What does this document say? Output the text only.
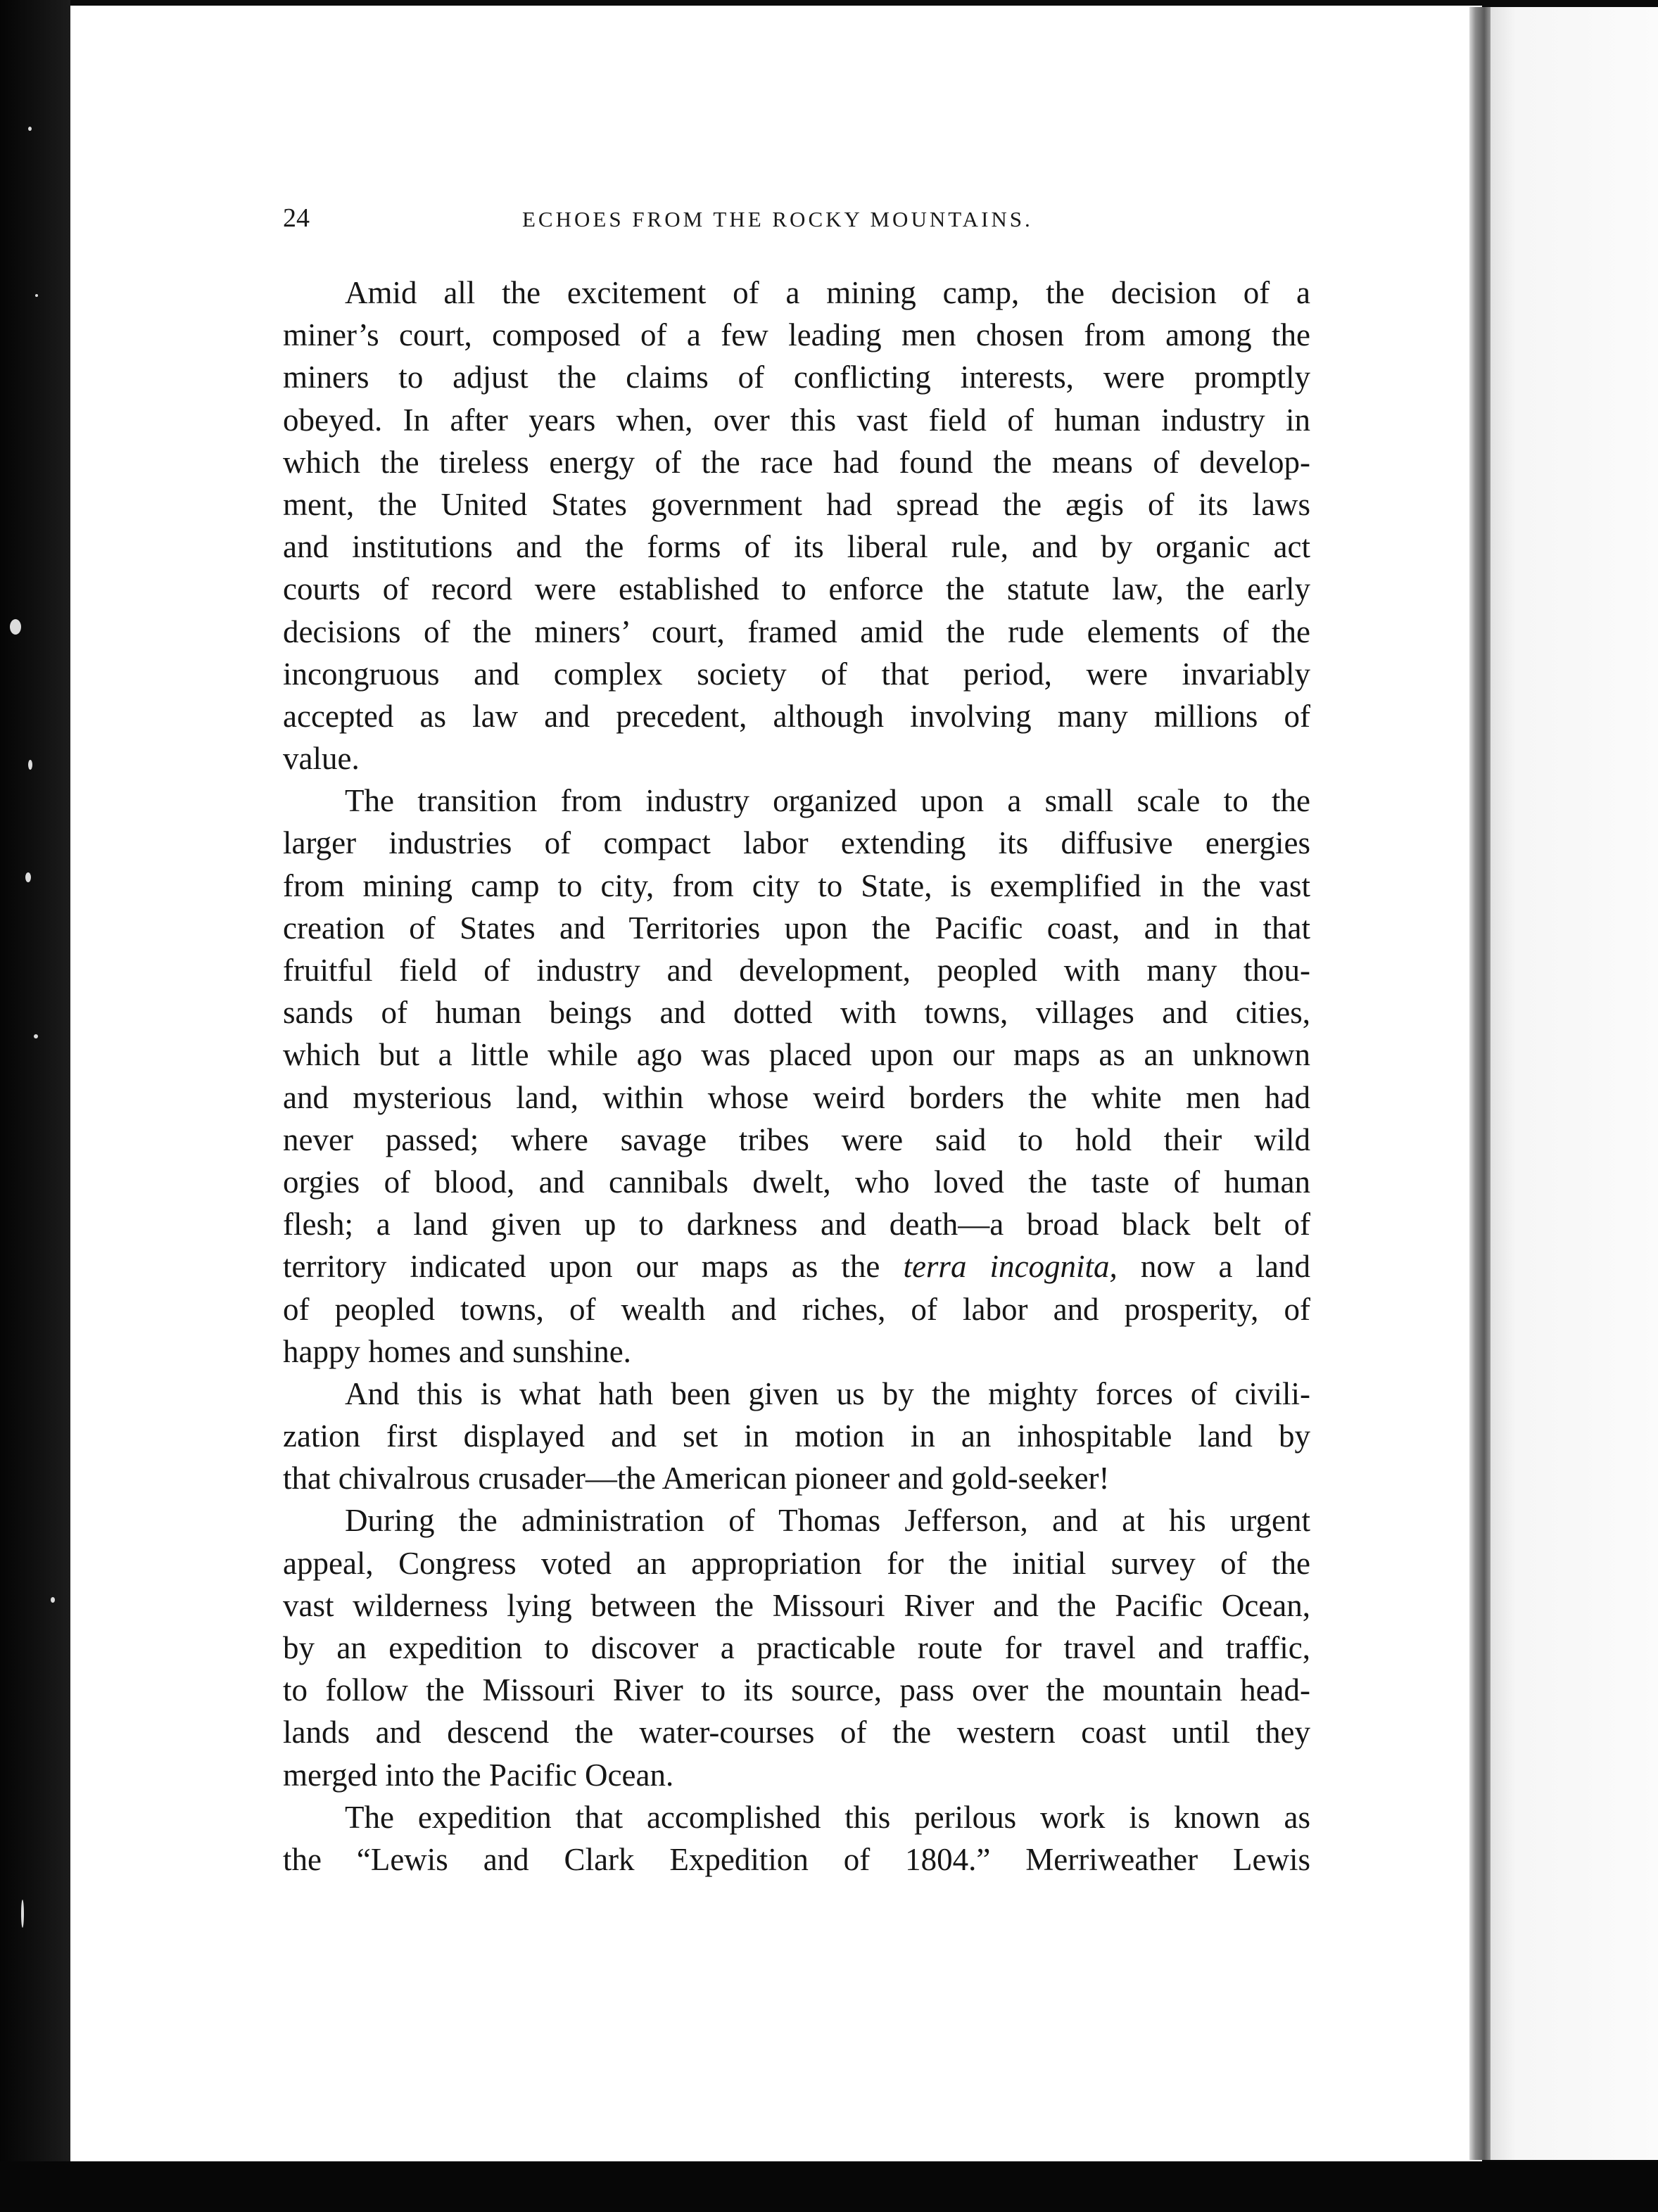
24	ECHOES FROM THE ROCKY MOUNTAINS.

Amid all the excitement of a mining camp, the decision of a
miner’s court, composed of a few leading men chosen from among the
miners to adjust the claims of conflicting interests, were promptly
obeyed. In after years when, over this vast field of human industry in
which the tireless energy of the race had found the means of develop-
ment, the United States government had spread the ægis of its laws
and institutions and the forms of its liberal rule, and by organic act
courts of record were established to enforce the statute law, the early
decisions of the miners’ court, framed amid the rude elements of the
incongruous and complex society of that period, were invariably
accepted as law and precedent, although involving many millions of
value.

The transition from industry organized upon a small scale to the
larger industries of compact labor extending its diffusive energies
from mining camp to city, from city to State, is exemplified in the vast
creation of States and Territories upon the Pacific coast, and in that
fruitful field of industry and development, peopled with many thou-
sands of human beings and dotted with towns, villages and cities,
which but a little while ago was placed upon our maps as an unknown
and mysterious land, within whose weird borders the white men had
never passed; where savage tribes were said to hold their wild
orgies of blood, and cannibals dwelt, who loved the taste of human
flesh; a land given up to darkness and death—a broad black belt of
territory indicated upon our maps as the terra incognita, now a land
of peopled towns, of wealth and riches, of labor and prosperity, of
happy homes and sunshine.

And this is what hath been given us by the mighty forces of civili-
zation first displayed and set in motion in an inhospitable land by
that chivalrous crusader—the American pioneer and gold-seeker!

During the administration of Thomas Jefferson, and at his urgent
appeal, Congress voted an appropriation for the initial survey of the
vast wilderness lying between the Missouri River and the Pacific Ocean,
by an expedition to discover a practicable route for travel and traffic,
to follow the Missouri River to its source, pass over the mountain head-
lands and descend the water-courses of the western coast until they
merged into the Pacific Ocean.

The expedition that accomplished this perilous work is known as
the “Lewis and Clark Expedition of 1804.” Merriweather Lewis
